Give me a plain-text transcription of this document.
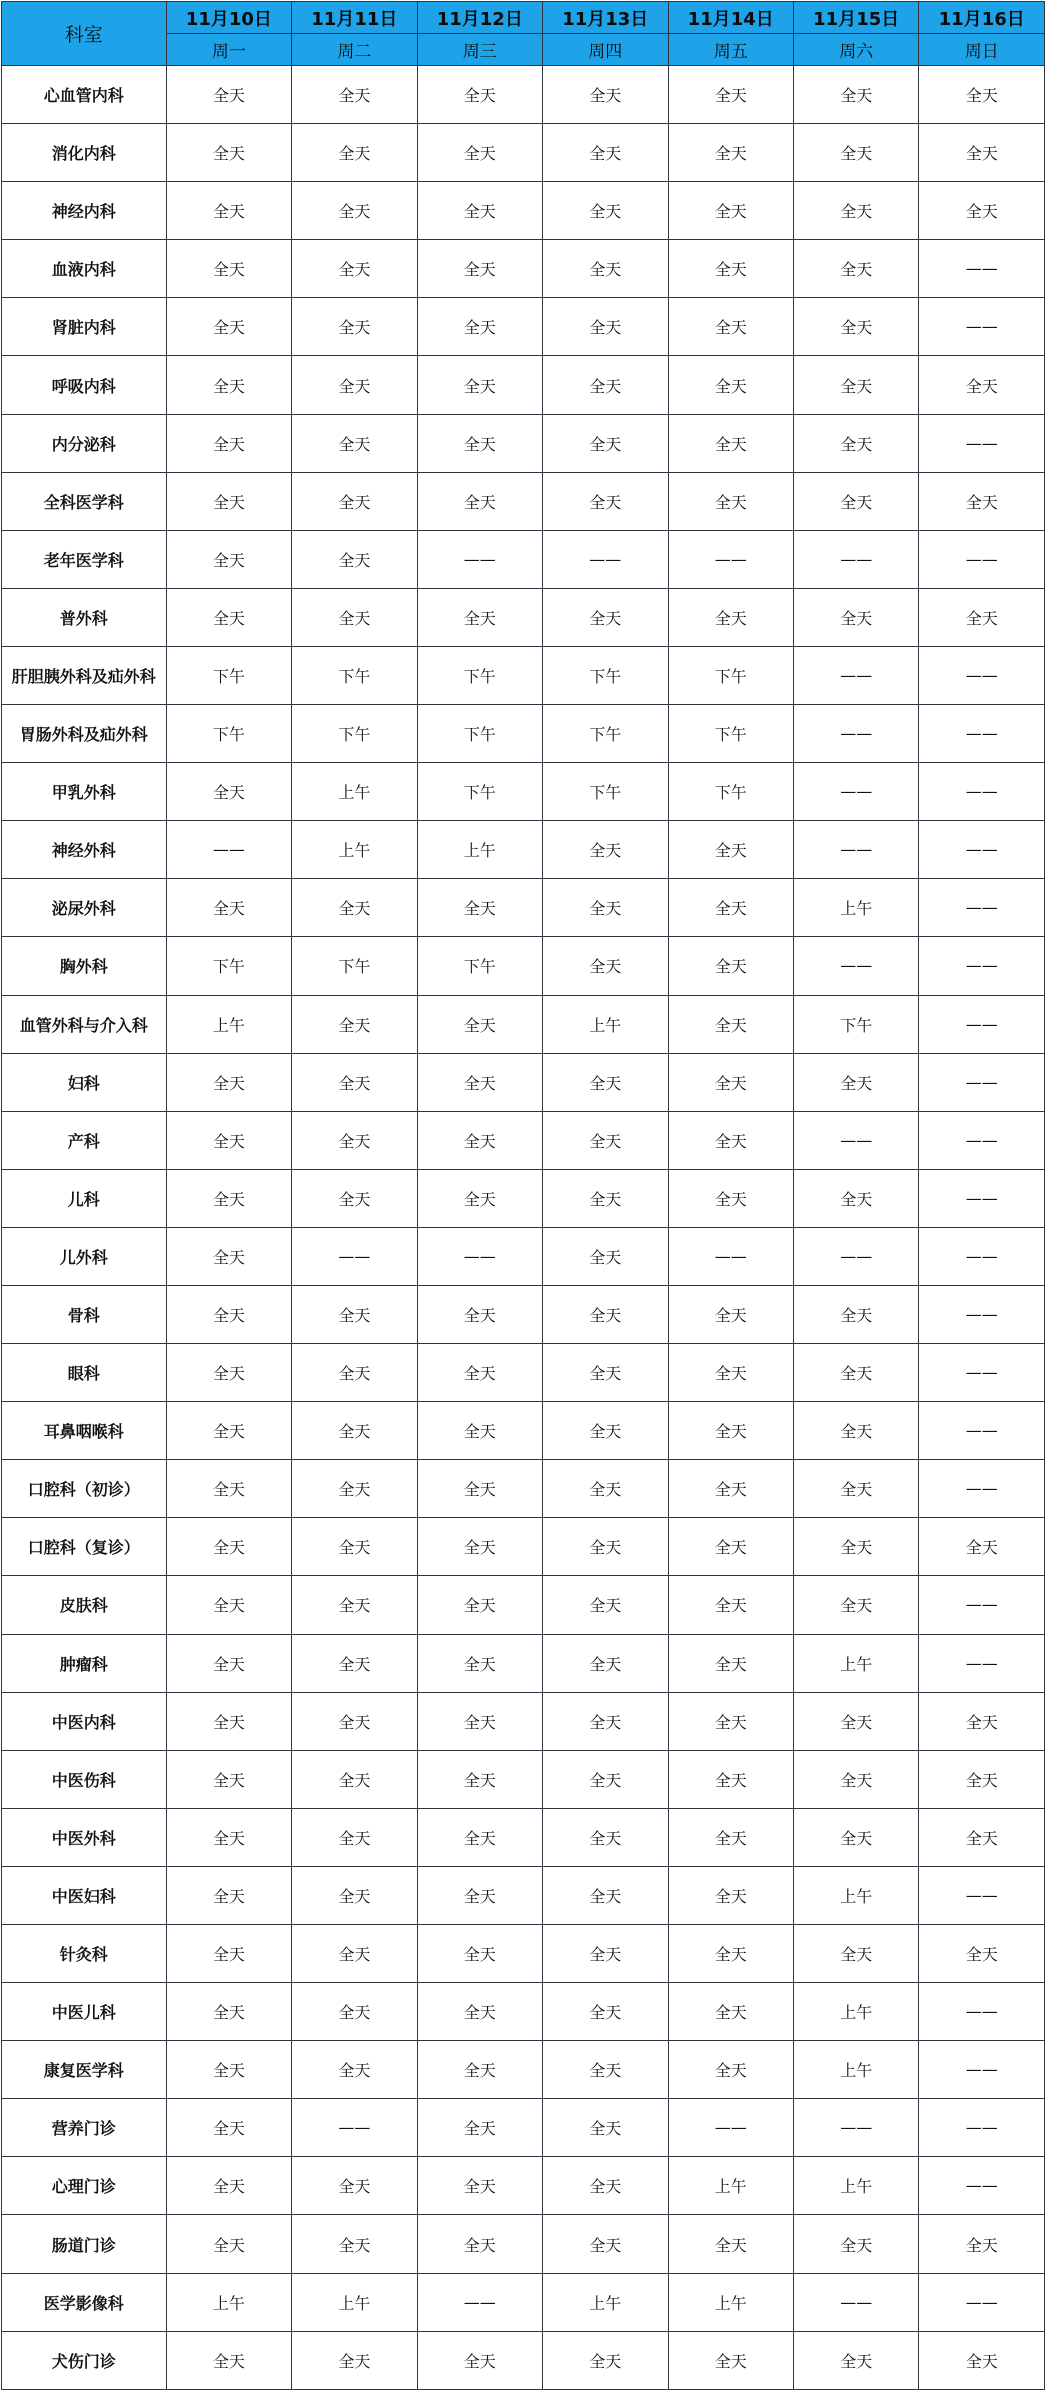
科室	11月10日	11月11日	11月12日	11月13日	11月14日	11月15日	11月16日
	周一	周二	周三	周四	周五	周六	周日
心血管内科	全天	全天	全天	全天	全天	全天	全天
消化内科	全天	全天	全天	全天	全天	全天	全天
神经内科	全天	全天	全天	全天	全天	全天	全天
血液内科	全天	全天	全天	全天	全天	全天	——
肾脏内科	全天	全天	全天	全天	全天	全天	——
呼吸内科	全天	全天	全天	全天	全天	全天	全天
内分泌科	全天	全天	全天	全天	全天	全天	——
全科医学科	全天	全天	全天	全天	全天	全天	全天
老年医学科	全天	全天	——	——	——	——	——
普外科	全天	全天	全天	全天	全天	全天	全天
肝胆胰外科及疝外科	下午	下午	下午	下午	下午	——	——
胃肠外科及疝外科	下午	下午	下午	下午	下午	——	——
甲乳外科	全天	上午	下午	下午	下午	——	——
神经外科	——	上午	上午	全天	全天	——	——
泌尿外科	全天	全天	全天	全天	全天	上午	——
胸外科	下午	下午	下午	全天	全天	——	——
血管外科与介入科	上午	全天	全天	上午	全天	下午	——
妇科	全天	全天	全天	全天	全天	全天	——
产科	全天	全天	全天	全天	全天	——	——
儿科	全天	全天	全天	全天	全天	全天	——
儿外科	全天	——	——	全天	——	——	——
骨科	全天	全天	全天	全天	全天	全天	——
眼科	全天	全天	全天	全天	全天	全天	——
耳鼻咽喉科	全天	全天	全天	全天	全天	全天	——
口腔科（初诊）	全天	全天	全天	全天	全天	全天	——
口腔科（复诊）	全天	全天	全天	全天	全天	全天	全天
皮肤科	全天	全天	全天	全天	全天	全天	——
肿瘤科	全天	全天	全天	全天	全天	上午	——
中医内科	全天	全天	全天	全天	全天	全天	全天
中医伤科	全天	全天	全天	全天	全天	全天	全天
中医外科	全天	全天	全天	全天	全天	全天	全天
中医妇科	全天	全天	全天	全天	全天	上午	——
针灸科	全天	全天	全天	全天	全天	全天	全天
中医儿科	全天	全天	全天	全天	全天	上午	——
康复医学科	全天	全天	全天	全天	全天	上午	——
营养门诊	全天	——	全天	全天	——	——	——
心理门诊	全天	全天	全天	全天	上午	上午	——
肠道门诊	全天	全天	全天	全天	全天	全天	全天
医学影像科	上午	上午	——	上午	上午	——	——
犬伤门诊	全天	全天	全天	全天	全天	全天	全天
